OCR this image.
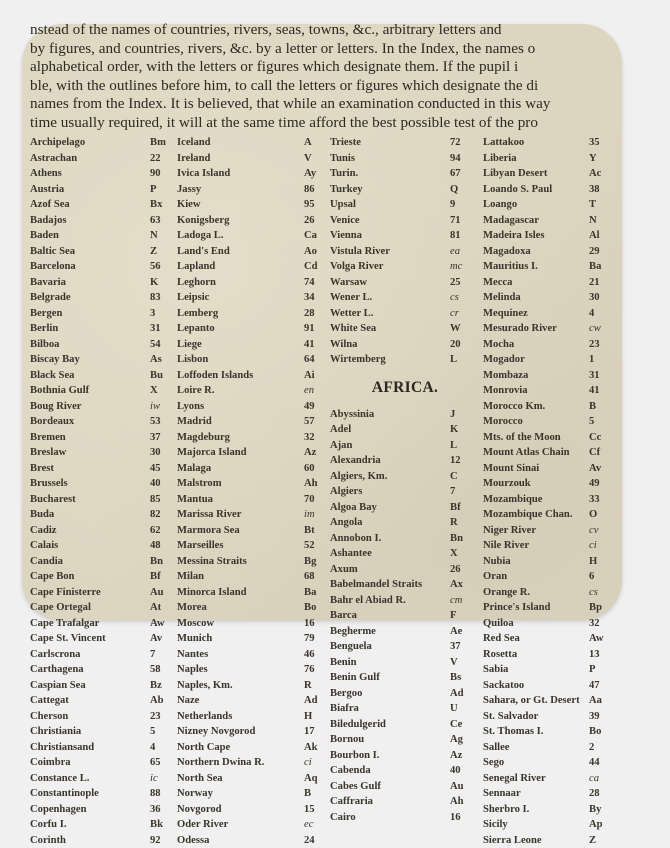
nstead of the names of countries, rivers, seas, towns, &c., arbitrary letters and
by figures, and countries, rivers, &c. by a letter or letters. In the Index, the names o
alphabetical order, with the letters or figures which designate them. If the pupil i
ble, with the outlines before him, to call the letters or figures which designate the di
names from the Index. It is believed, that while an examination conducted in this way
time usually required, it will at the same time afford the best possible test of the pro
Archipelago	Bm
Astrachan	22
Athens	90
Austria	P
Azof Sea	Bx
Badajos	63
Baden	N
Baltic Sea	Z
Barcelona	56
Bavaria	K
Belgrade	83
Bergen	3
Berlin	31
Bilboa	54
Biscay Bay	As
Black Sea	Bu
Bothnia Gulf	X
Boug River	iw
Bordeaux	53
Bremen	37
Breslaw	30
Brest	45
Brussels	40
Bucharest	85
Buda	82
Cadiz	62
Calais	48
Candia	Bn
Cape Bon	Bf
Cape Finisterre	Au
Cape Ortegal	At
Cape Trafalgar	Aw
Cape St. Vincent	Av
Carlscrona	7
Carthagena	58
Caspian Sea	Bz
Cattegat	Ab
Cherson	23
Christiania	5
Christiansand	4
Coimbra	65
Constance L.	ic
Constantinople	88
Copenhagen	36
Corfu I.	Bk
Corinth	92
Iceland	A
Ireland	V
Ivica Island	Ay
Jassy	86
Kiew	95
Konigsberg	26
Ladoga L.	Ca
Land's End	Ao
Lapland	Cd
Leghorn	74
Leipsic	34
Lemberg	28
Lepanto	91
Liege	41
Lisbon	64
Loffoden Islands	Ai
Loire R.	en
Lyons	49
Madrid	57
Magdeburg	32
Majorca Island	Az
Malaga	60
Malstrom	Ah
Mantua	70
Marissa River	im
Marmora Sea	Bt
Marseilles	52
Messina Straits	Bg
Milan	68
Minorca Island	Ba
Morea	Bo
Moscow	16
Munich	79
Nantes	46
Naples	76
Naples, Km.	R
Naze	Ad
Netherlands	H
Nizney Novgorod	17
North Cape	Ak
Northern Dwina R.	ci
North Sea	Aq
Norway	B
Novgorod	15
Oder River	ec
Odessa	24
Trieste	72
Tunis	94
Turin.	67
Turkey	Q
Upsal	9
Venice	71
Vienna	81
Vistula River	ea
Volga River	mc
Warsaw	25
Wener L.	cs
Wetter L.	cr
White Sea	W
Wilna	20
Wirtemberg	L
AFRICA.
Abyssinia	J
Adel	K
Ajan	L
Alexandria	12
Algiers, Km.	C
Algiers	7
Algoa Bay	Bf
Angola	R
Annobon I.	Bn
Ashantee	X
Axum	26
Babelmandel Straits	Ax
Bahr el Abiad R.	cm
Barca	F
Begherme	Ae
Benguela	37
Benin	V
Benin Gulf	Bs
Bergoo	Ad
Biafra	U
Biledulgerid	Ce
Bornou	Ag
Bourbon I.	Az
Cabenda	40
Cabes Gulf	Au
Caffraria	Ah
Cairo	16
Lattakoo	35
Liberia	Y
Libyan Desert	Ac
Loando S. Paul	38
Loango	T
Madagascar	N
Madeira Isles	Al
Magadoxa	29
Mauritius I.	Ba
Mecca	21
Melinda	30
Mequinez	4
Mesurado River	cw
Mocha	23
Mogador	1
Mombaza	31
Monrovia	41
Morocco Km.	B
Morocco	5
Mts. of the Moon	Cc
Mount Atlas Chain	Cf
Mount Sinai	Av
Mourzouk	49
Mozambique	33
Mozambique Chan.	O
Niger River	cv
Nile River	ci
Nubia	H
Oran	6
Orange R.	cs
Prince's Island	Bp
Quiloa	32
Red Sea	Aw
Rosetta	13
Sabia	P
Sackatoo	47
Sahara, or Gt. Desert Aa
St. Salvador	39
St. Thomas I.	Bo
Sallee	2
Sego	44
Senegal River	ca
Sennaar	28
Sherbro I.	By
Sicily	Ap
Sierra Leone	Z
